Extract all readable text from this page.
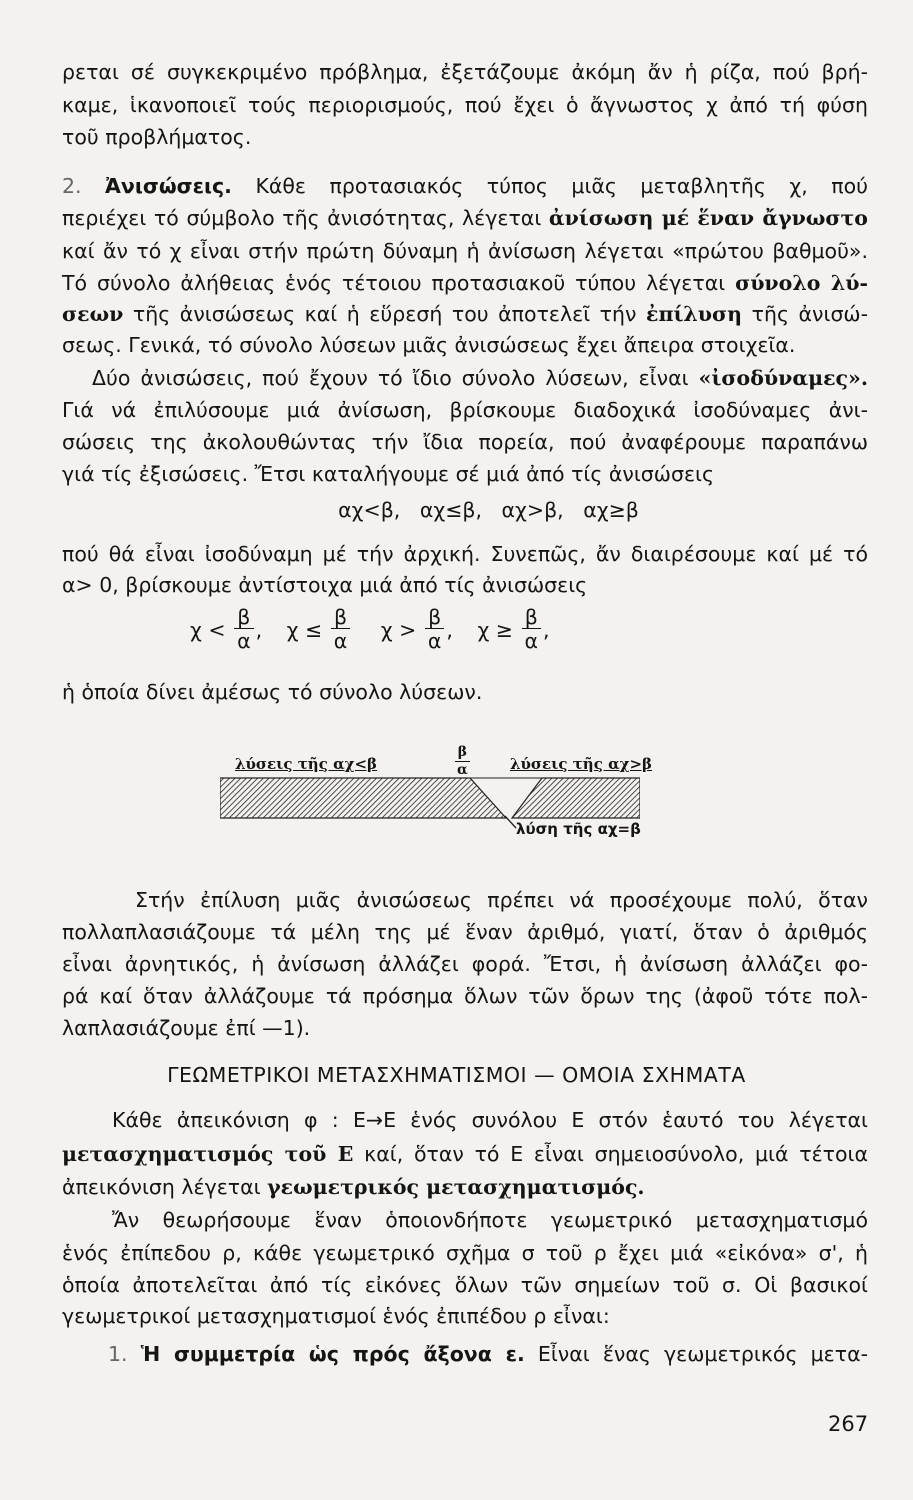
ρεται σέ συγκεκριμένο πρόβλημα, ἐξετάζουμε ἀκόμη ἄν ἡ ρίζα, πού βρή-
καμε, ἱκανοποιεῖ τούς περιορισμούς, πού ἔχει ὁ ἄγνωστος χ ἀπό τή φύση
τοῦ προβλήματος.
2. Ἀνισώσεις. Κάθε προτασιακός τύπος μιᾶς μεταβλητῆς χ, πού
περιέχει τό σύμβολο τῆς ἀνισότητας, λέγεται ἀνίσωση μέ ἕναν ἄγνωστο
καί ἄν τό χ εἶναι στήν πρώτη δύναμη ἡ ἀνίσωση λέγεται «πρώτου βαθμοῦ».
Τό σύνολο ἀλήθειας ἑνός τέτοιου προτασιακοῦ τύπου λέγεται σύνολο λύ-
σεων τῆς ἀνισώσεως καί ἡ εὕρεσή του ἀποτελεῖ τήν ἐπίλυση τῆς ἀνισώ-
σεως. Γενικά, τό σύνολο λύσεων μιᾶς ἀνισώσεως ἔχει ἄπειρα στοιχεῖα.
Δύο ἀνισώσεις, πού ἔχουν τό ἴδιο σύνολο λύσεων, εἶναι «ἰσοδύναμες».
Γιά νά ἐπιλύσουμε μιά ἀνίσωση, βρίσκουμε διαδοχικά ἰσοδύναμες ἀνι-
σώσεις της ἀκολουθώντας τήν ἴδια πορεία, πού ἀναφέρουμε παραπάνω
γιά τίς ἐξισώσεις. Ἔτσι καταλήγουμε σέ μιά ἀπό τίς ἀνισώσεις
αχ<β,   αχ≤β,   αχ>β,   αχ≥β
πού θά εἶναι ἰσοδύναμη μέ τήν ἀρχική. Συνεπῶς, ἄν διαιρέσουμε καί μέ τό
α> 0, βρίσκουμε ἀντίστοιχα μιά ἀπό τίς ἀνισώσεις
$\chi < \frac{\beta}{\alpha}$ , $\chi \le \frac{\beta}{\alpha}$ $\chi > \frac{\beta}{\alpha}$ , $\chi \ge \frac{\beta}{\alpha}$ ,
ἡ ὁποία δίνει ἀμέσως τό σύνολο λύσεων.
λύσεις τῆς αχ<β
β
α	λύσεις τῆς αχ>β
λύση τῆς αχ=β
Στήν ἐπίλυση μιᾶς ἀνισώσεως πρέπει νά προσέχουμε πολύ, ὅταν
πολλαπλασιάζουμε τά μέλη της μέ ἕναν ἀριθμό, γιατί, ὅταν ὁ ἀριθμός
εἶναι ἀρνητικός, ἡ ἀνίσωση ἀλλάζει φορά. Ἔτσι, ἡ ἀνίσωση ἀλλάζει φο-
ρά καί ὅταν ἀλλάζουμε τά πρόσημα ὅλων τῶν ὅρων της (ἀφοῦ τότε πολ-
λαπλασιάζουμε ἐπί —1).
ΓΕΩΜΕΤΡΙΚΟΙ ΜΕΤΑΣΧΗΜΑΤΙΣΜΟΙ — ΟΜΟΙΑ ΣΧΗΜΑΤΑ
Κάθε ἀπεικόνιση φ : Ε→Ε ἑνός συνόλου Ε στόν ἑαυτό του λέγεται
μετασχηματισμός τοῦ Ε καί, ὅταν τό Ε εἶναι σημειοσύνολο, μιά τέτοια
ἀπεικόνιση λέγεται γεωμετρικός μετασχηματισμός.
Ἄν θεωρήσουμε ἕναν ὁποιονδήποτε γεωμετρικό μετασχηματισμό
ἑνός ἐπίπεδου ρ, κάθε γεωμετρικό σχῆμα σ τοῦ ρ ἔχει μιά «εἰκόνα» σ', ἡ
ὁποία ἀποτελεῖται ἀπό τίς εἰκόνες ὅλων τῶν σημείων τοῦ σ. Οἱ βασικοί
γεωμετρικοί μετασχηματισμοί ἑνός ἐπιπέδου ρ εἶναι:
1. Ἡ συμμετρία ὡς πρός ἄξονα ε. Εἶναι ἕνας γεωμετρικός μετα-
267
